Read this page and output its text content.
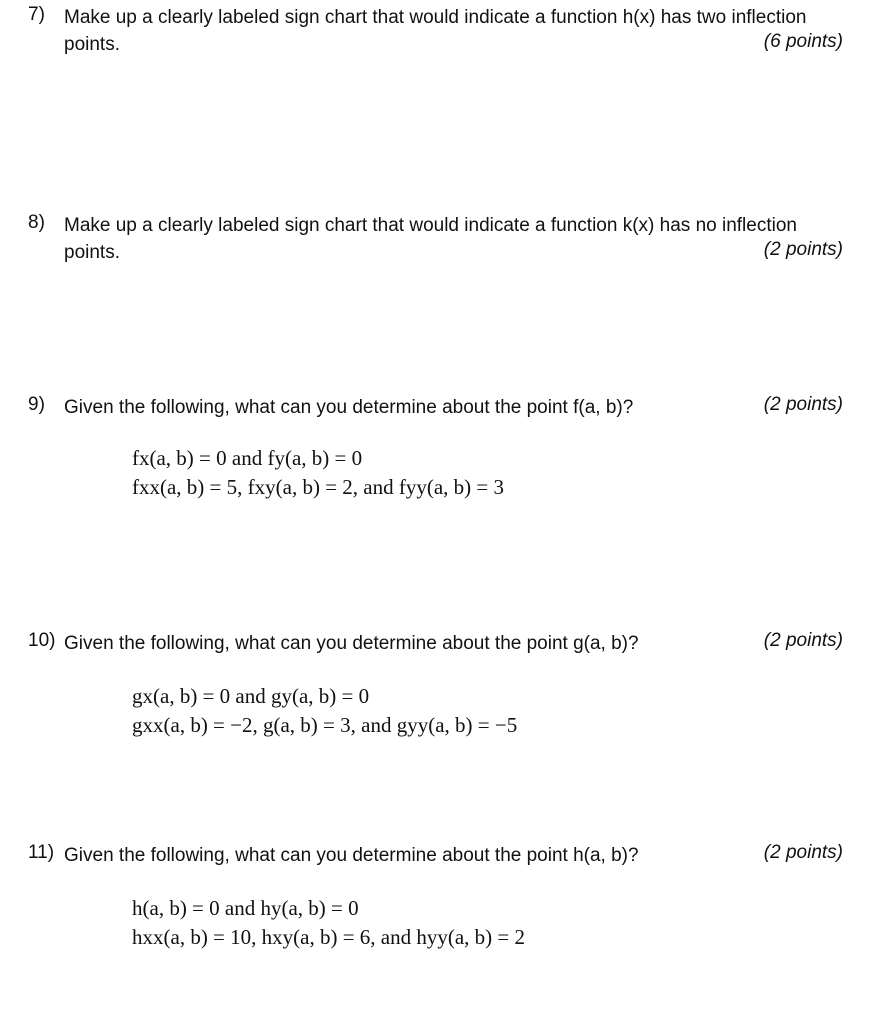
7) Make up a clearly labeled sign chart that would indicate a function h(x) has two inflection points.	(6 points)
8) Make up a clearly labeled sign chart that would indicate a function k(x) has no inflection points.	(2 points)
9) Given the following, what can you determine about the point f(a, b)?	(2 points)
fx(a, b) = 0 and fy(a, b) = 0
fxx(a, b) = 5, fxy(a, b) = 2, and fyy(a, b) = 3
10) Given the following, what can you determine about the point g(a, b)?	(2 points)
gx(a, b) = 0 and gy(a, b) = 0
gxx(a, b) = −2, g(a, b) = 3, and gyy(a, b) = −5
11) Given the following, what can you determine about the point h(a, b)?	(2 points)
h(a, b) = 0 and hy(a, b) = 0
hxx(a, b) = 10, hxy(a, b) = 6, and hyy(a, b) = 2
